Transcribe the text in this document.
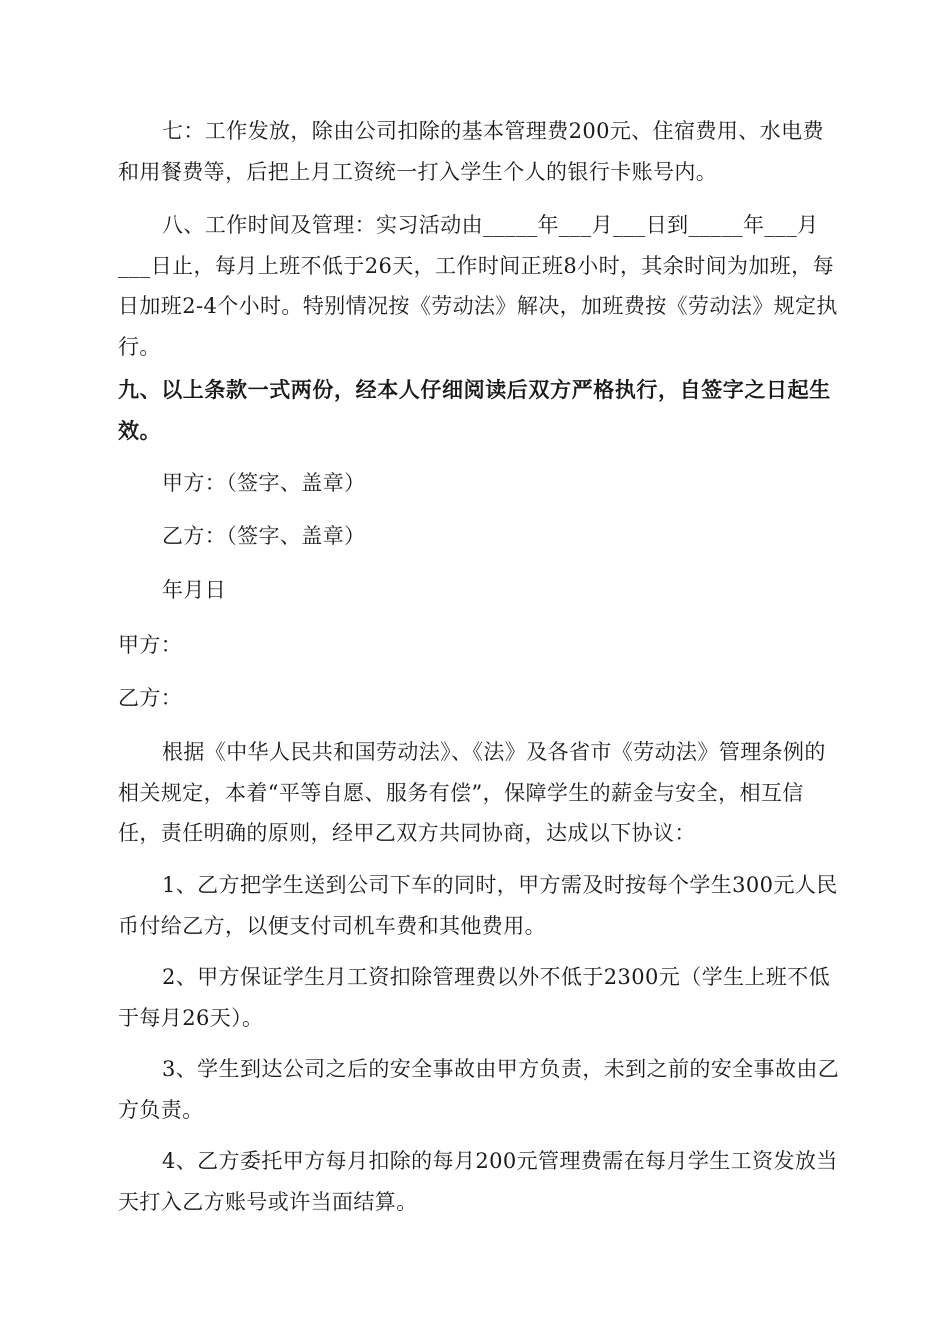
七：工作发放，除由公司扣除的基本管理费200元、住宿费用、水电费和用餐费等，后把上月工资统一打入学生个人的银行卡账号内。

八、工作时间及管理：实习活动由_____年___月___日到_____年___月___日止，每月上班不低于26天，工作时间正班8小时，其余时间为加班，每日加班2-4个小时。特别情况按《劳动法》解决，加班费按《劳动法》规定执行。

九、以上条款一式两份，经本人仔细阅读后双方严格执行，自签字之日起生效。

甲方：（签字、盖章）

乙方：（签字、盖章）

年月日

甲方：

乙方：

根据《中华人民共和国劳动法》、《法》及各省市《劳动法》管理条例的相关规定，本着“平等自愿、服务有偿”，保障学生的薪金与安全，相互信任，责任明确的原则，经甲乙双方共同协商，达成以下协议：

1、乙方把学生送到公司下车的同时，甲方需及时按每个学生300元人民币付给乙方，以便支付司机车费和其他费用。

2、甲方保证学生月工资扣除管理费以外不低于2300元（学生上班不低于每月26天）。

3、学生到达公司之后的安全事故由甲方负责，未到之前的安全事故由乙方负责。

4、乙方委托甲方每月扣除的每月200元管理费需在每月学生工资发放当天打入乙方账号或许当面结算。
